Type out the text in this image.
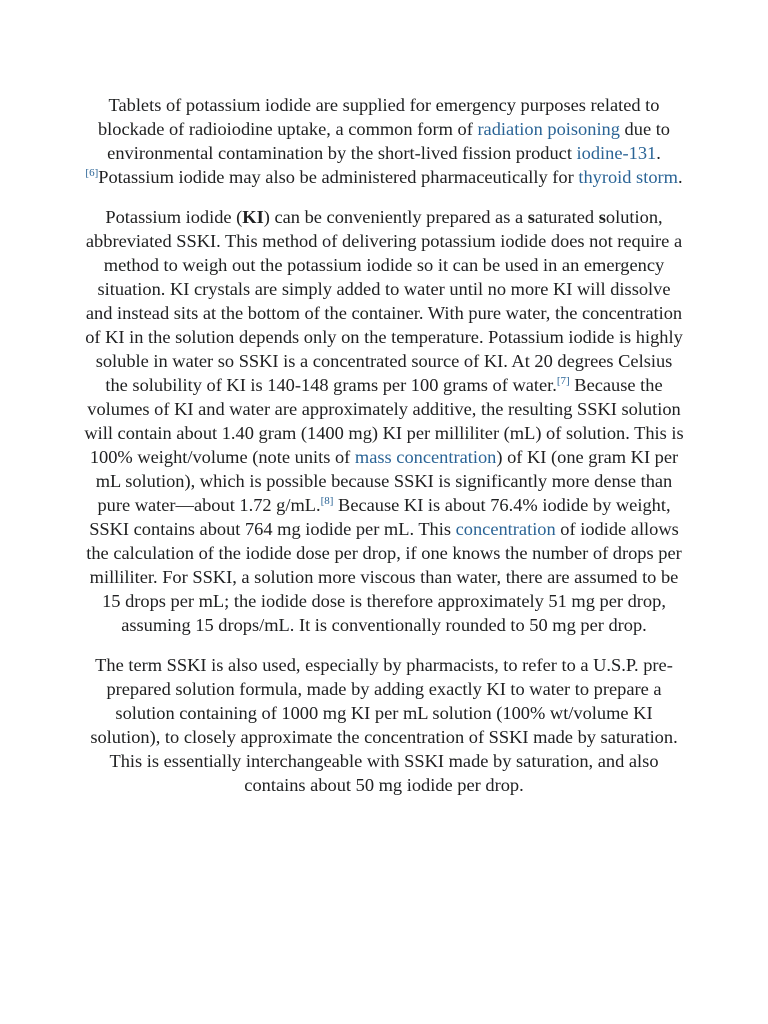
Tablets of potassium iodide are supplied for emergency purposes related to blockade of radioiodine uptake, a common form of radiation poisoning due to environmental contamination by the short-lived fission product iodine-131.[6]Potassium iodide may also be administered pharmaceutically for thyroid storm.

Potassium iodide (KI) can be conveniently prepared as a saturated solution, abbreviated SSKI. This method of delivering potassium iodide does not require a method to weigh out the potassium iodide so it can be used in an emergency situation. KI crystals are simply added to water until no more KI will dissolve and instead sits at the bottom of the container. With pure water, the concentration of KI in the solution depends only on the temperature. Potassium iodide is highly soluble in water so SSKI is a concentrated source of KI. At 20 degrees Celsius the solubility of KI is 140-148 grams per 100 grams of water.[7] Because the volumes of KI and water are approximately additive, the resulting SSKI solution will contain about 1.40 gram (1400 mg) KI per milliliter (mL) of solution. This is 100% weight/volume (note units of mass concentration) of KI (one gram KI per mL solution), which is possible because SSKI is significantly more dense than pure water—about 1.72 g/mL.[8] Because KI is about 76.4% iodide by weight, SSKI contains about 764 mg iodide per mL. This concentration of iodide allows the calculation of the iodide dose per drop, if one knows the number of drops per milliliter. For SSKI, a solution more viscous than water, there are assumed to be 15 drops per mL; the iodide dose is therefore approximately 51 mg per drop, assuming 15 drops/mL. It is conventionally rounded to 50 mg per drop.

The term SSKI is also used, especially by pharmacists, to refer to a U.S.P. pre-prepared solution formula, made by adding exactly KI to water to prepare a solution containing of 1000 mg KI per mL solution (100% wt/volume KI solution), to closely approximate the concentration of SSKI made by saturation. This is essentially interchangeable with SSKI made by saturation, and also contains about 50 mg iodide per drop.
